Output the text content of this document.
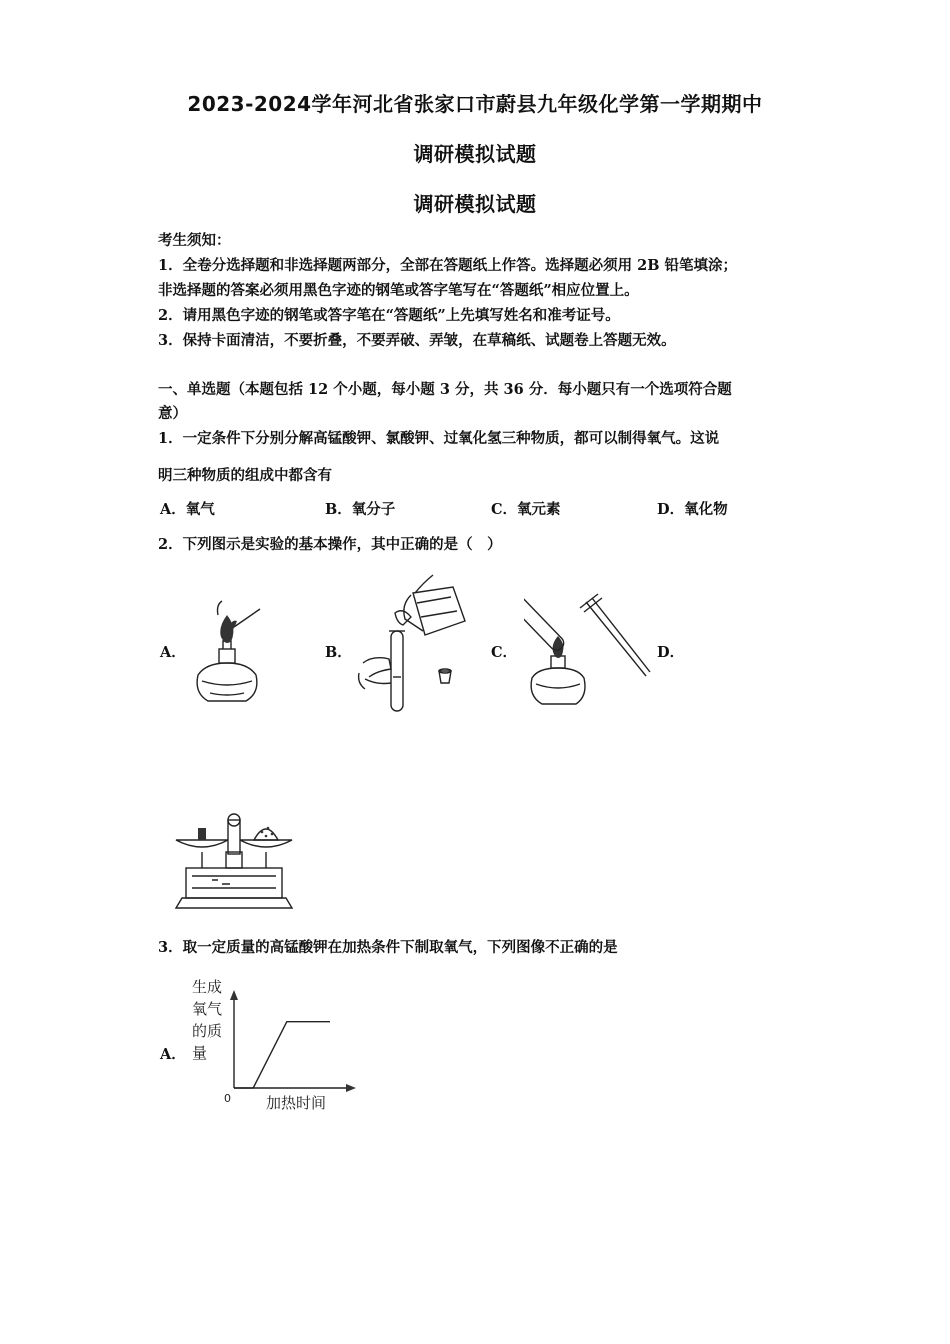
2023-2024学年河北省张家口市蔚县九年级化学第一学期期中
调研模拟试题
调研模拟试题
考生须知：
1．全卷分选择题和非选择题两部分，全部在答题纸上作答。选择题必须用 2B 铅笔填涂；
非选择题的答案必须用黑色字迹的钢笔或答字笔写在“答题纸”相应位置上。
2．请用黑色字迹的钢笔或答字笔在“答题纸”上先填写姓名和准考证号。
3．保持卡面清洁，不要折叠，不要弄破、弄皱，在草稿纸、试题卷上答题无效。
一、单选题（本题包括 12 个小题，每小题 3 分，共 36 分．每小题只有一个选项符合题
意）
1．一定条件下分别分解高锰酸钾、氯酸钾、过氧化氢三种物质，都可以制得氧气。这说
明三种物质的组成中都含有
A．氧气	B．氧分子	C．氧元素	D．氧化物
2．下列图示是实验的基本操作，其中正确的是（　）
A．	B．	C．	D．
3．取一定质量的高锰酸钾在加热条件下制取氧气，下列图像不正确的是
A．
生成
氧气
的质
量
0 加热时间
